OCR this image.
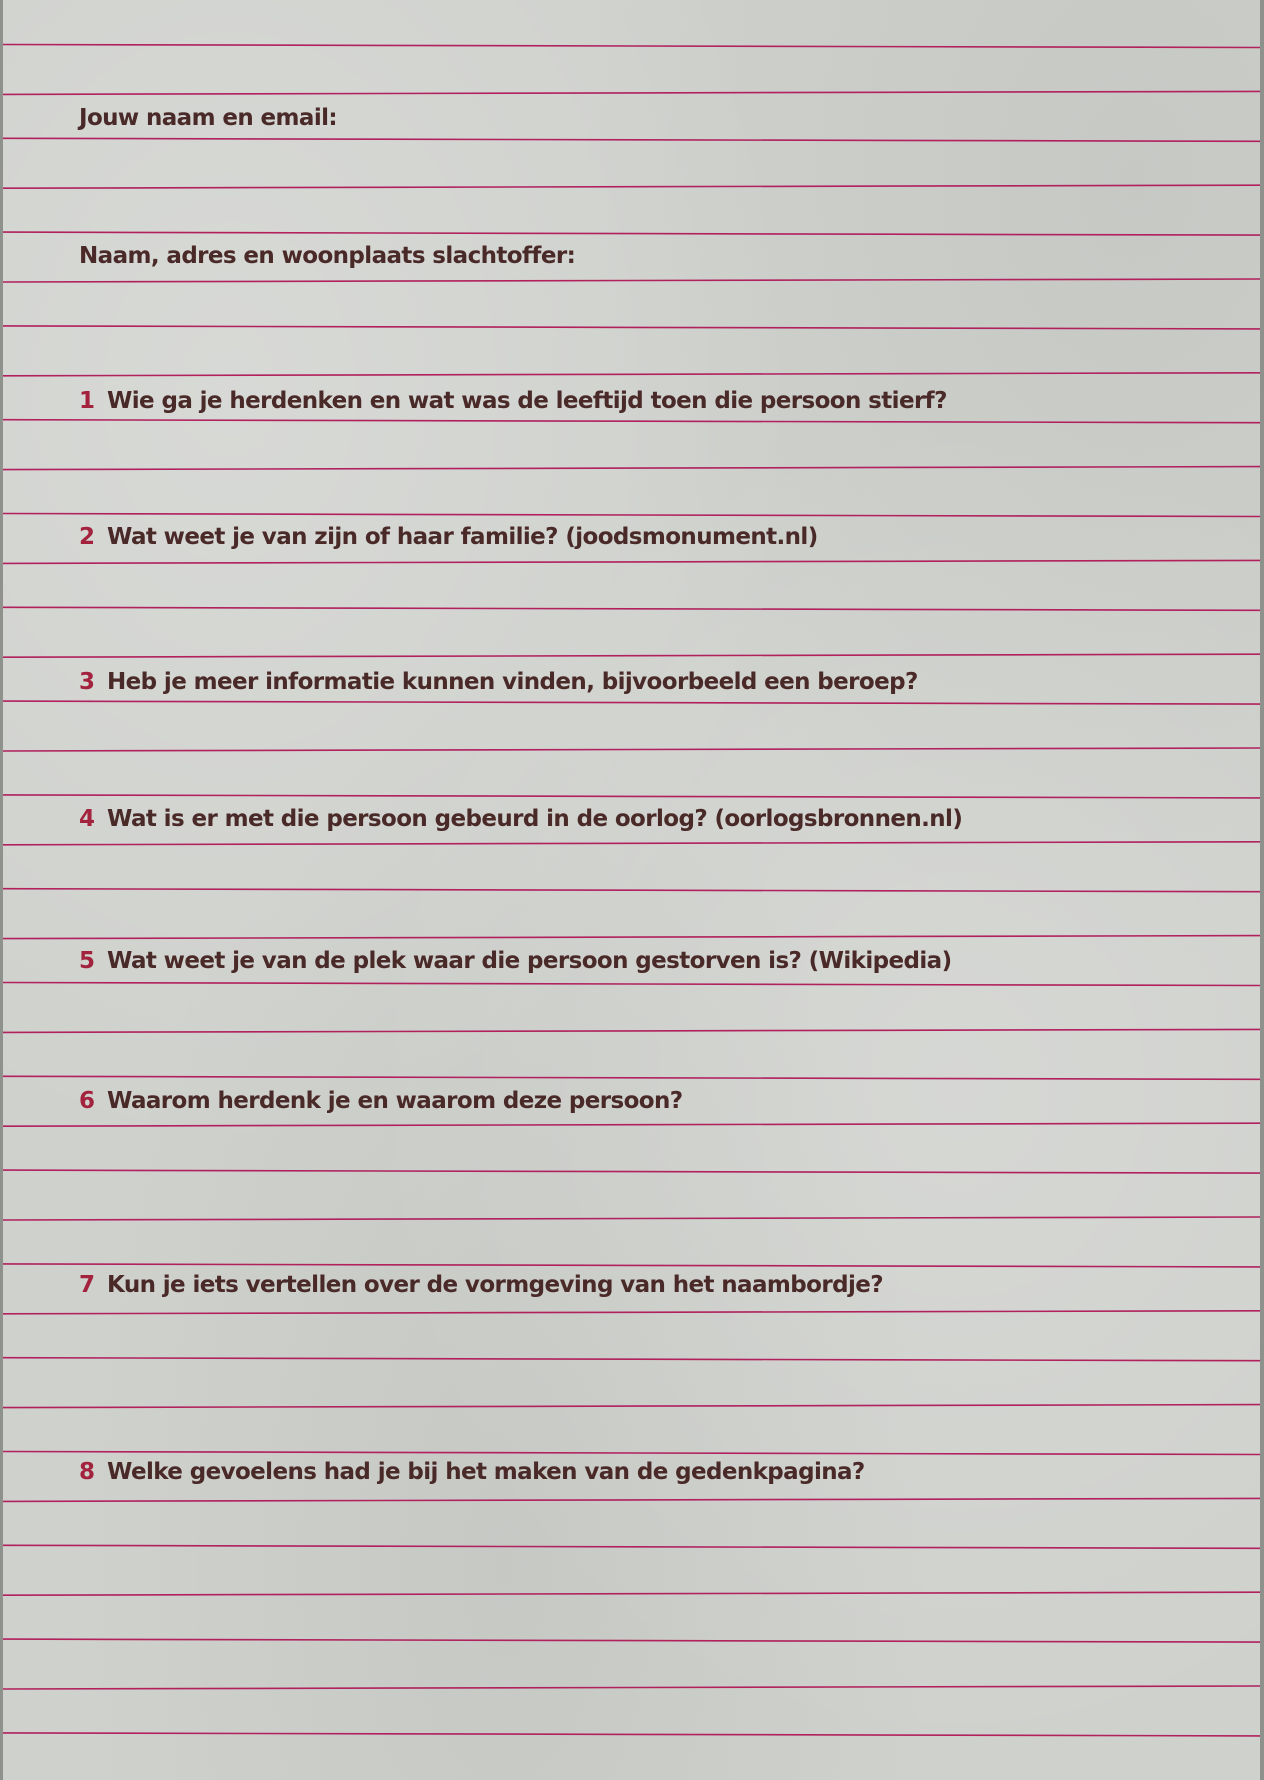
Jouw naam en email:
Naam, adres en woonplaats slachtoffer:
1 Wie ga je herdenken en wat was de leeftijd toen die persoon stierf?
2 Wat weet je van zijn of haar familie? (joodsmonument.nl)
3 Heb je meer informatie kunnen vinden, bijvoorbeeld een beroep?
4 Wat is er met die persoon gebeurd in de oorlog? (oorlogsbronnen.nl)
5 Wat weet je van de plek waar die persoon gestorven is? (Wikipedia)
6 Waarom herdenk je en waarom deze persoon?
7 Kun je iets vertellen over de vormgeving van het naambordje?
8 Welke gevoelens had je bij het maken van de gedenkpagina?
